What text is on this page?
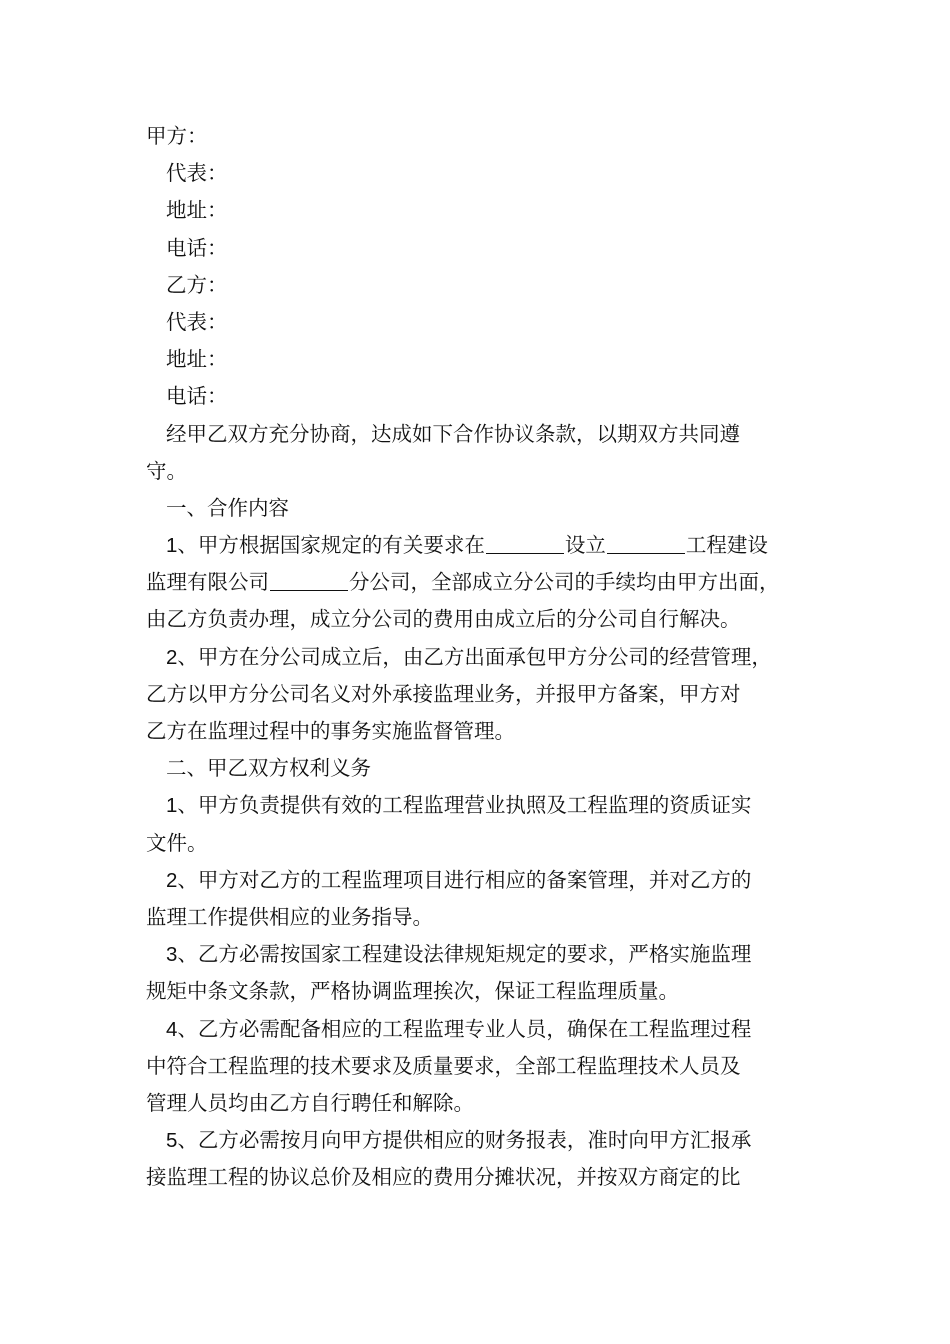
甲方：
代表：
地址：
电话：
乙方：
代表：
地址：
电话：
经甲乙双方充分协商，达成如下合作协议条款，以期双方共同遵
守。
一、合作内容
1、甲方根据国家规定的有关要求在	设立	工程建设
监理有限公司	分公司，全部成立分公司的手续均由甲方出面，
由乙方负责办理，成立分公司的费用由成立后的分公司自行解决。
2、甲方在分公司成立后，由乙方出面承包甲方分公司的经营管理，
乙方以甲方分公司名义对外承接监理业务，并报甲方备案，甲方对
乙方在监理过程中的事务实施监督管理。
二、甲乙双方权利义务
1、甲方负责提供有效的工程监理营业执照及工程监理的资质证实
文件。
2、甲方对乙方的工程监理项目进行相应的备案管理，并对乙方的
监理工作提供相应的业务指导。
3、乙方必需按国家工程建设法律规矩规定的要求，严格实施监理
规矩中条文条款，严格协调监理挨次，保证工程监理质量。
4、乙方必需配备相应的工程监理专业人员，确保在工程监理过程
中符合工程监理的技术要求及质量要求，全部工程监理技术人员及
管理人员均由乙方自行聘任和解除。
5、乙方必需按月向甲方提供相应的财务报表，准时向甲方汇报承
接监理工程的协议总价及相应的费用分摊状况，并按双方商定的比
